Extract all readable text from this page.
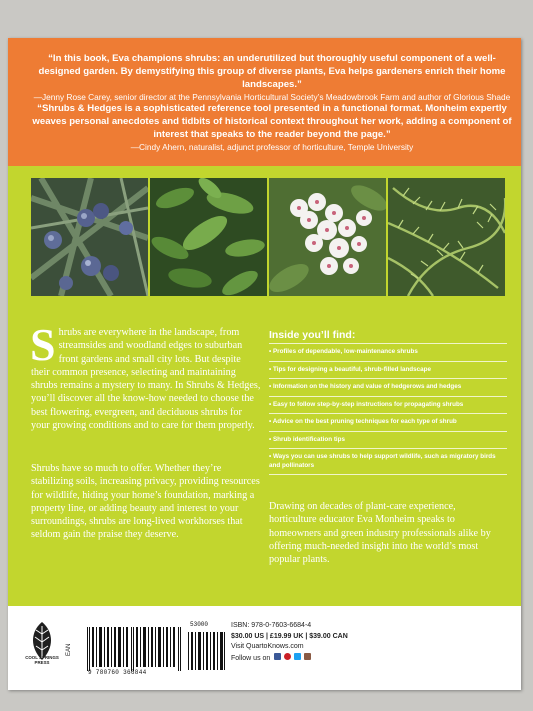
“In this book, Eva champions shrubs: an underutilized but thoroughly useful component of a well-designed garden. By demystifying this group of diverse plants, Eva helps gardeners enrich their home landscapes.”
—Jenny Rose Carey, senior director at the Pennsylvania Horticultural Society’s Meadowbrook Farm and author of Glorious Shade
“Shrubs & Hedges is a sophisticated reference tool presented in a functional format. Monheim expertly weaves personal anecdotes and tidbits of historical context throughout her work, adding a component of interest that speaks to the reader beyond the page.”
—Cindy Ahern, naturalist, adjunct professor of horticulture, Temple University
S hrubs are everywhere in the landscape, from streamsides and woodland edges to suburban front gardens and small city lots. But despite their common presence, selecting and maintaining shrubs remains a mystery to many. In Shrubs & Hedges, you’ll discover all the know-how needed to choose the best flowering, evergreen, and deciduous shrubs for your growing conditions and to care for them properly.
Shrubs have so much to offer. Whether they’re stabilizing soils, increasing privacy, providing resources for wildlife, hiding your home’s foundation, marking a property line, or adding beauty and interest to your surroundings, shrubs are long-lived workhorses that seldom gain the praise they deserve.
Inside you’ll find:
• Profiles of dependable, low-maintenance shrubs
• Tips for designing a beautiful, shrub-filled landscape
• Information on the history and value of hedgerows and hedges
• Easy to follow step-by-step instructions for propagating shrubs
• Advice on the best pruning techniques for each type of shrub
• Shrub identification tips
• Ways you can use shrubs to help support wildlife, such as migratory birds and pollinators
Drawing on decades of plant-care experience, horticulture educator Eva Monheim speaks to homeowners and green industry professionals alike by offering much-needed insight into the world’s most popular plants.
COOL SPRINGS
PRESS
EAN
9 780760 366844
53000	ISBN: 978-0-7603-6684-4
$30.00 US | £19.99 UK | $39.00 CAN
Visit QuartoKnows.com
Follow us on
